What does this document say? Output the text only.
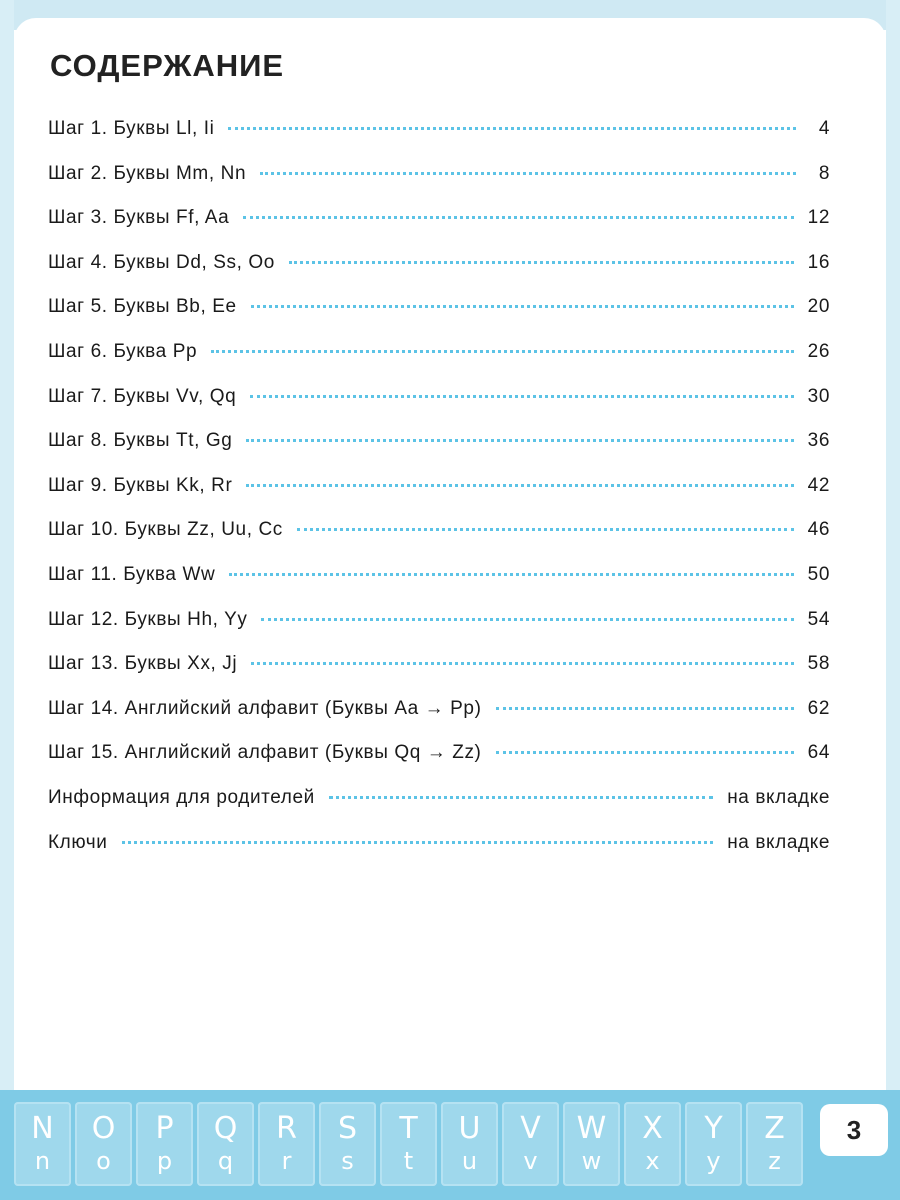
СОДЕРЖАНИЕ
Шаг 1. Буквы Ll, Ii	4
Шаг 2. Буквы Mm, Nn	8
Шаг 3. Буквы Ff, Aa	12
Шаг 4. Буквы Dd, Ss, Oo	16
Шаг 5. Буквы Bb, Ee	20
Шаг 6. Буква Pp	26
Шаг 7. Буквы Vv, Qq	30
Шаг 8. Буквы Tt, Gg	36
Шаг 9. Буквы Kk, Rr	42
Шаг 10. Буквы Zz, Uu, Cc	46
Шаг 11. Буква Ww	50
Шаг 12. Буквы Hh, Yy	54
Шаг 13. Буквы Xx, Jj	58
Шаг 14. Английский алфавит (Буквы Aa → Pp)	62
Шаг 15. Английский алфавит (Буквы Qq → Zz)	64
Информация для родителей	на вкладке
Ключи	на вкладке
N
n
O
o
P
p
Q
q
R
r
S
s
T
t
U
u
V
v
W
w
X
x
Y
y
Z
z
3
